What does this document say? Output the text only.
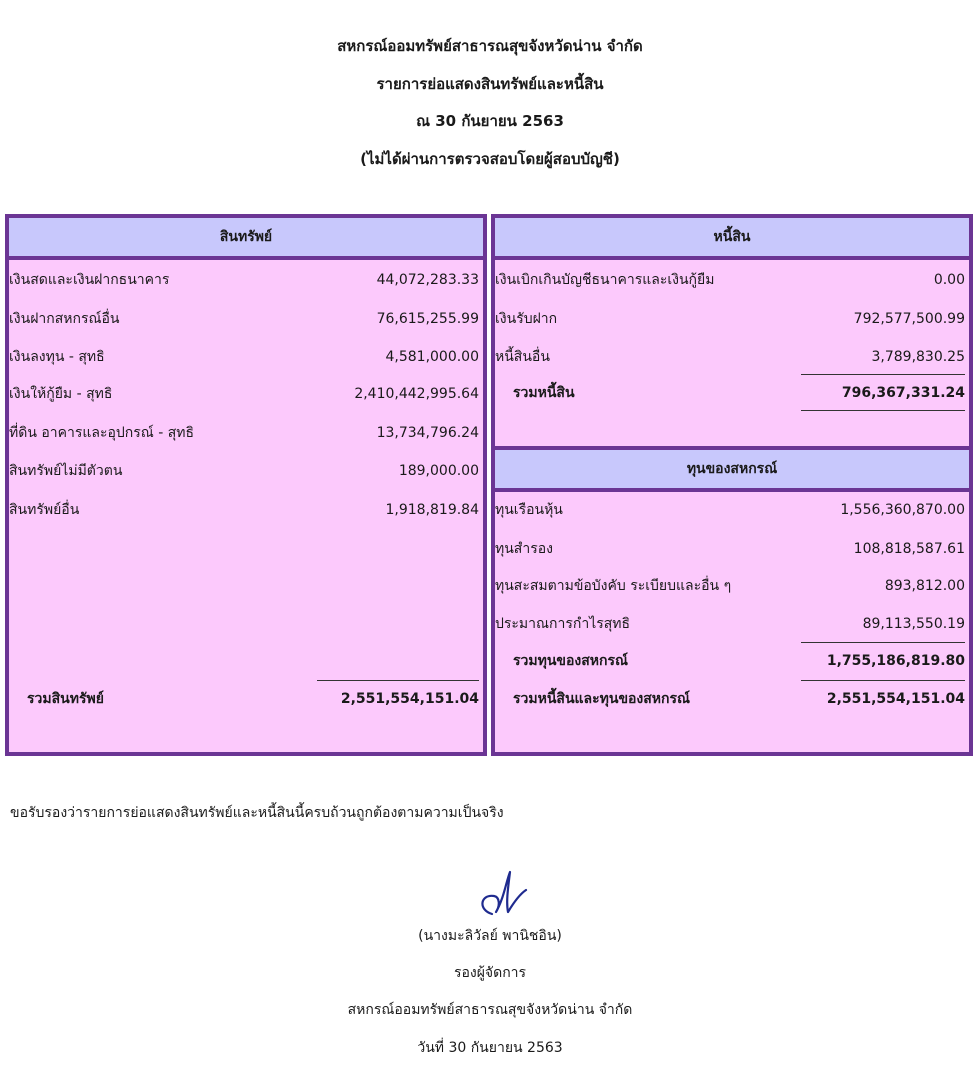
สหกรณ์ออมทรัพย์สาธารณสุขจังหวัดน่าน จำกัด
รายการย่อแสดงสินทรัพย์และหนี้สิน
ณ 30 กันยายน 2563
(ไม่ได้ผ่านการตรวจสอบโดยผู้สอบบัญชี)
สินทรัพย์
เงินสดและเงินฝากธนาคาร	44,072,283.33
เงินฝากสหกรณ์อื่น	76,615,255.99
เงินลงทุน - สุทธิ	4,581,000.00
เงินให้กู้ยืม - สุทธิ	2,410,442,995.64
ที่ดิน อาคารและอุปกรณ์ - สุทธิ	13,734,796.24
สินทรัพย์ไม่มีตัวตน	189,000.00
สินทรัพย์อื่น	1,918,819.84
รวมสินทรัพย์	2,551,554,151.04
หนี้สิน
เงินเบิกเกินบัญชีธนาคารและเงินกู้ยืม	0.00
เงินรับฝาก	792,577,500.99
หนี้สินอื่น	3,789,830.25
รวมหนี้สิน	796,367,331.24
ทุนของสหกรณ์
ทุนเรือนหุ้น	1,556,360,870.00
ทุนสำรอง	108,818,587.61
ทุนสะสมตามข้อบังคับ ระเบียบและอื่น ๆ	893,812.00
ประมาณการกำไรสุทธิ	89,113,550.19
รวมทุนของสหกรณ์	1,755,186,819.80
รวมหนี้สินและทุนของสหกรณ์	2,551,554,151.04
ขอรับรองว่ารายการย่อแสดงสินทรัพย์และหนี้สินนี้ครบถ้วนถูกต้องตามความเป็นจริง
(นางมะลิวัลย์ พานิชอิน)
รองผู้จัดการ
สหกรณ์ออมทรัพย์สาธารณสุขจังหวัดน่าน จำกัด
วันที่ 30 กันยายน 2563
